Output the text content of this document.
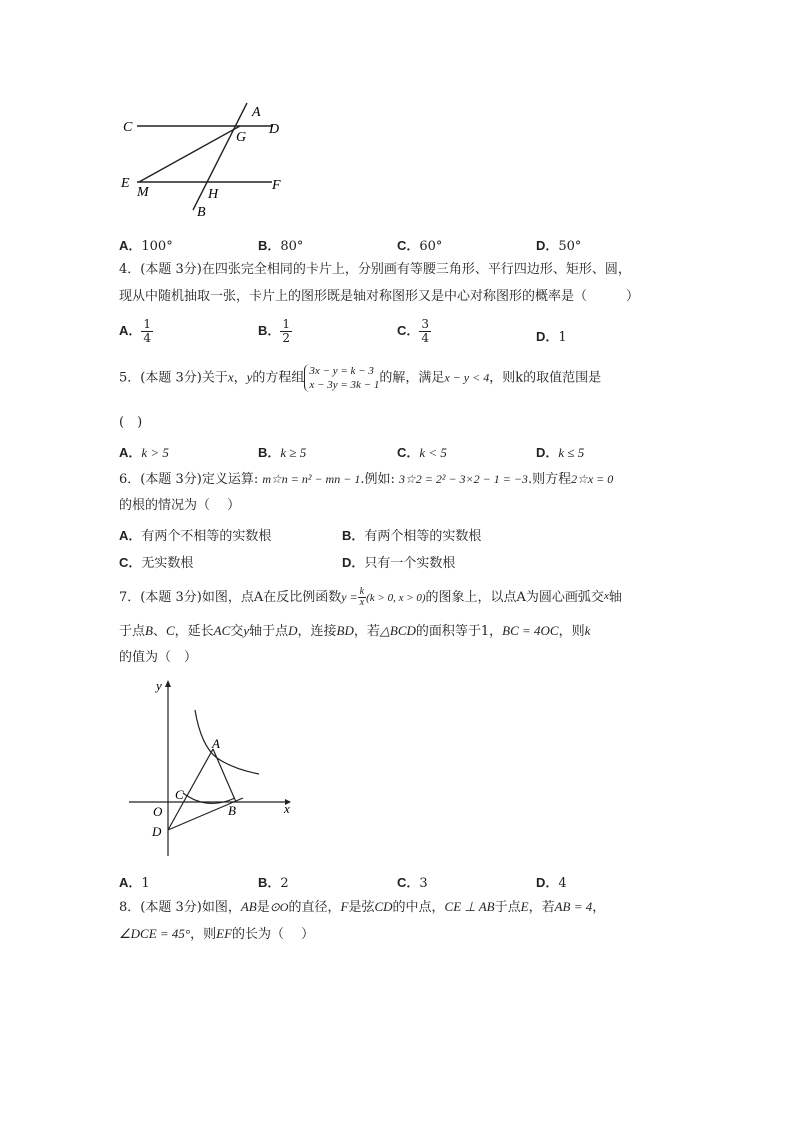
A
C	D
G
E
M	H
F
B
A．100°	B．80°	C．60°	D．50°
4．(本题 3分)在四张完全相同的卡片上，分别画有等腰三角形、平行四边形、矩形、圆，
现从中随机抽取一张，卡片上的图形既是轴对称图形又是中心对称图形的概率是（　　　）
A． $\frac{1}{4}$	B． $\frac{1}{2}$	C． $\frac{3}{4}$	D．1
5．(本题 3分)关于x，y的方程组 3x − y = k − 3
x − 3y = 3k − 1 的解，满足x − y < 4，则k的取值范围是
(　)
A．k > 5	B．k ≥ 5	C．k < 5	D．k ≤ 5
6．(本题 3分)定义运算: m☆n = n² − mn − 1.例如: 3☆2 = 2² − 3×2 − 1 = −3.则方程2☆x = 0
的根的情况为（　 ）
A．有两个不相等的实数根	B．有两个相等的实数根
C．无实数根	D．只有一个实数根
7．(本题 3分)如图，点A在反比例函数$y = \frac{k}{x} (k > 0$, x > 0)的图象上，以点A为圆心画弧交$^x$轴
于点B、C，延长AC交y轴于点D，连接BD，若△BCD的面积等于1，BC = 4OC，则k
的值为（　）
y
x
O
A
C
B
D
A．1	B．2	C．3	D．4
8．(本题 3分)如图，AB是⊙O的直径，F是弦CD的中点，CE ⊥ AB于点E，若AB = 4，
∠DCE = 45°，则EF的长为（　 ）
